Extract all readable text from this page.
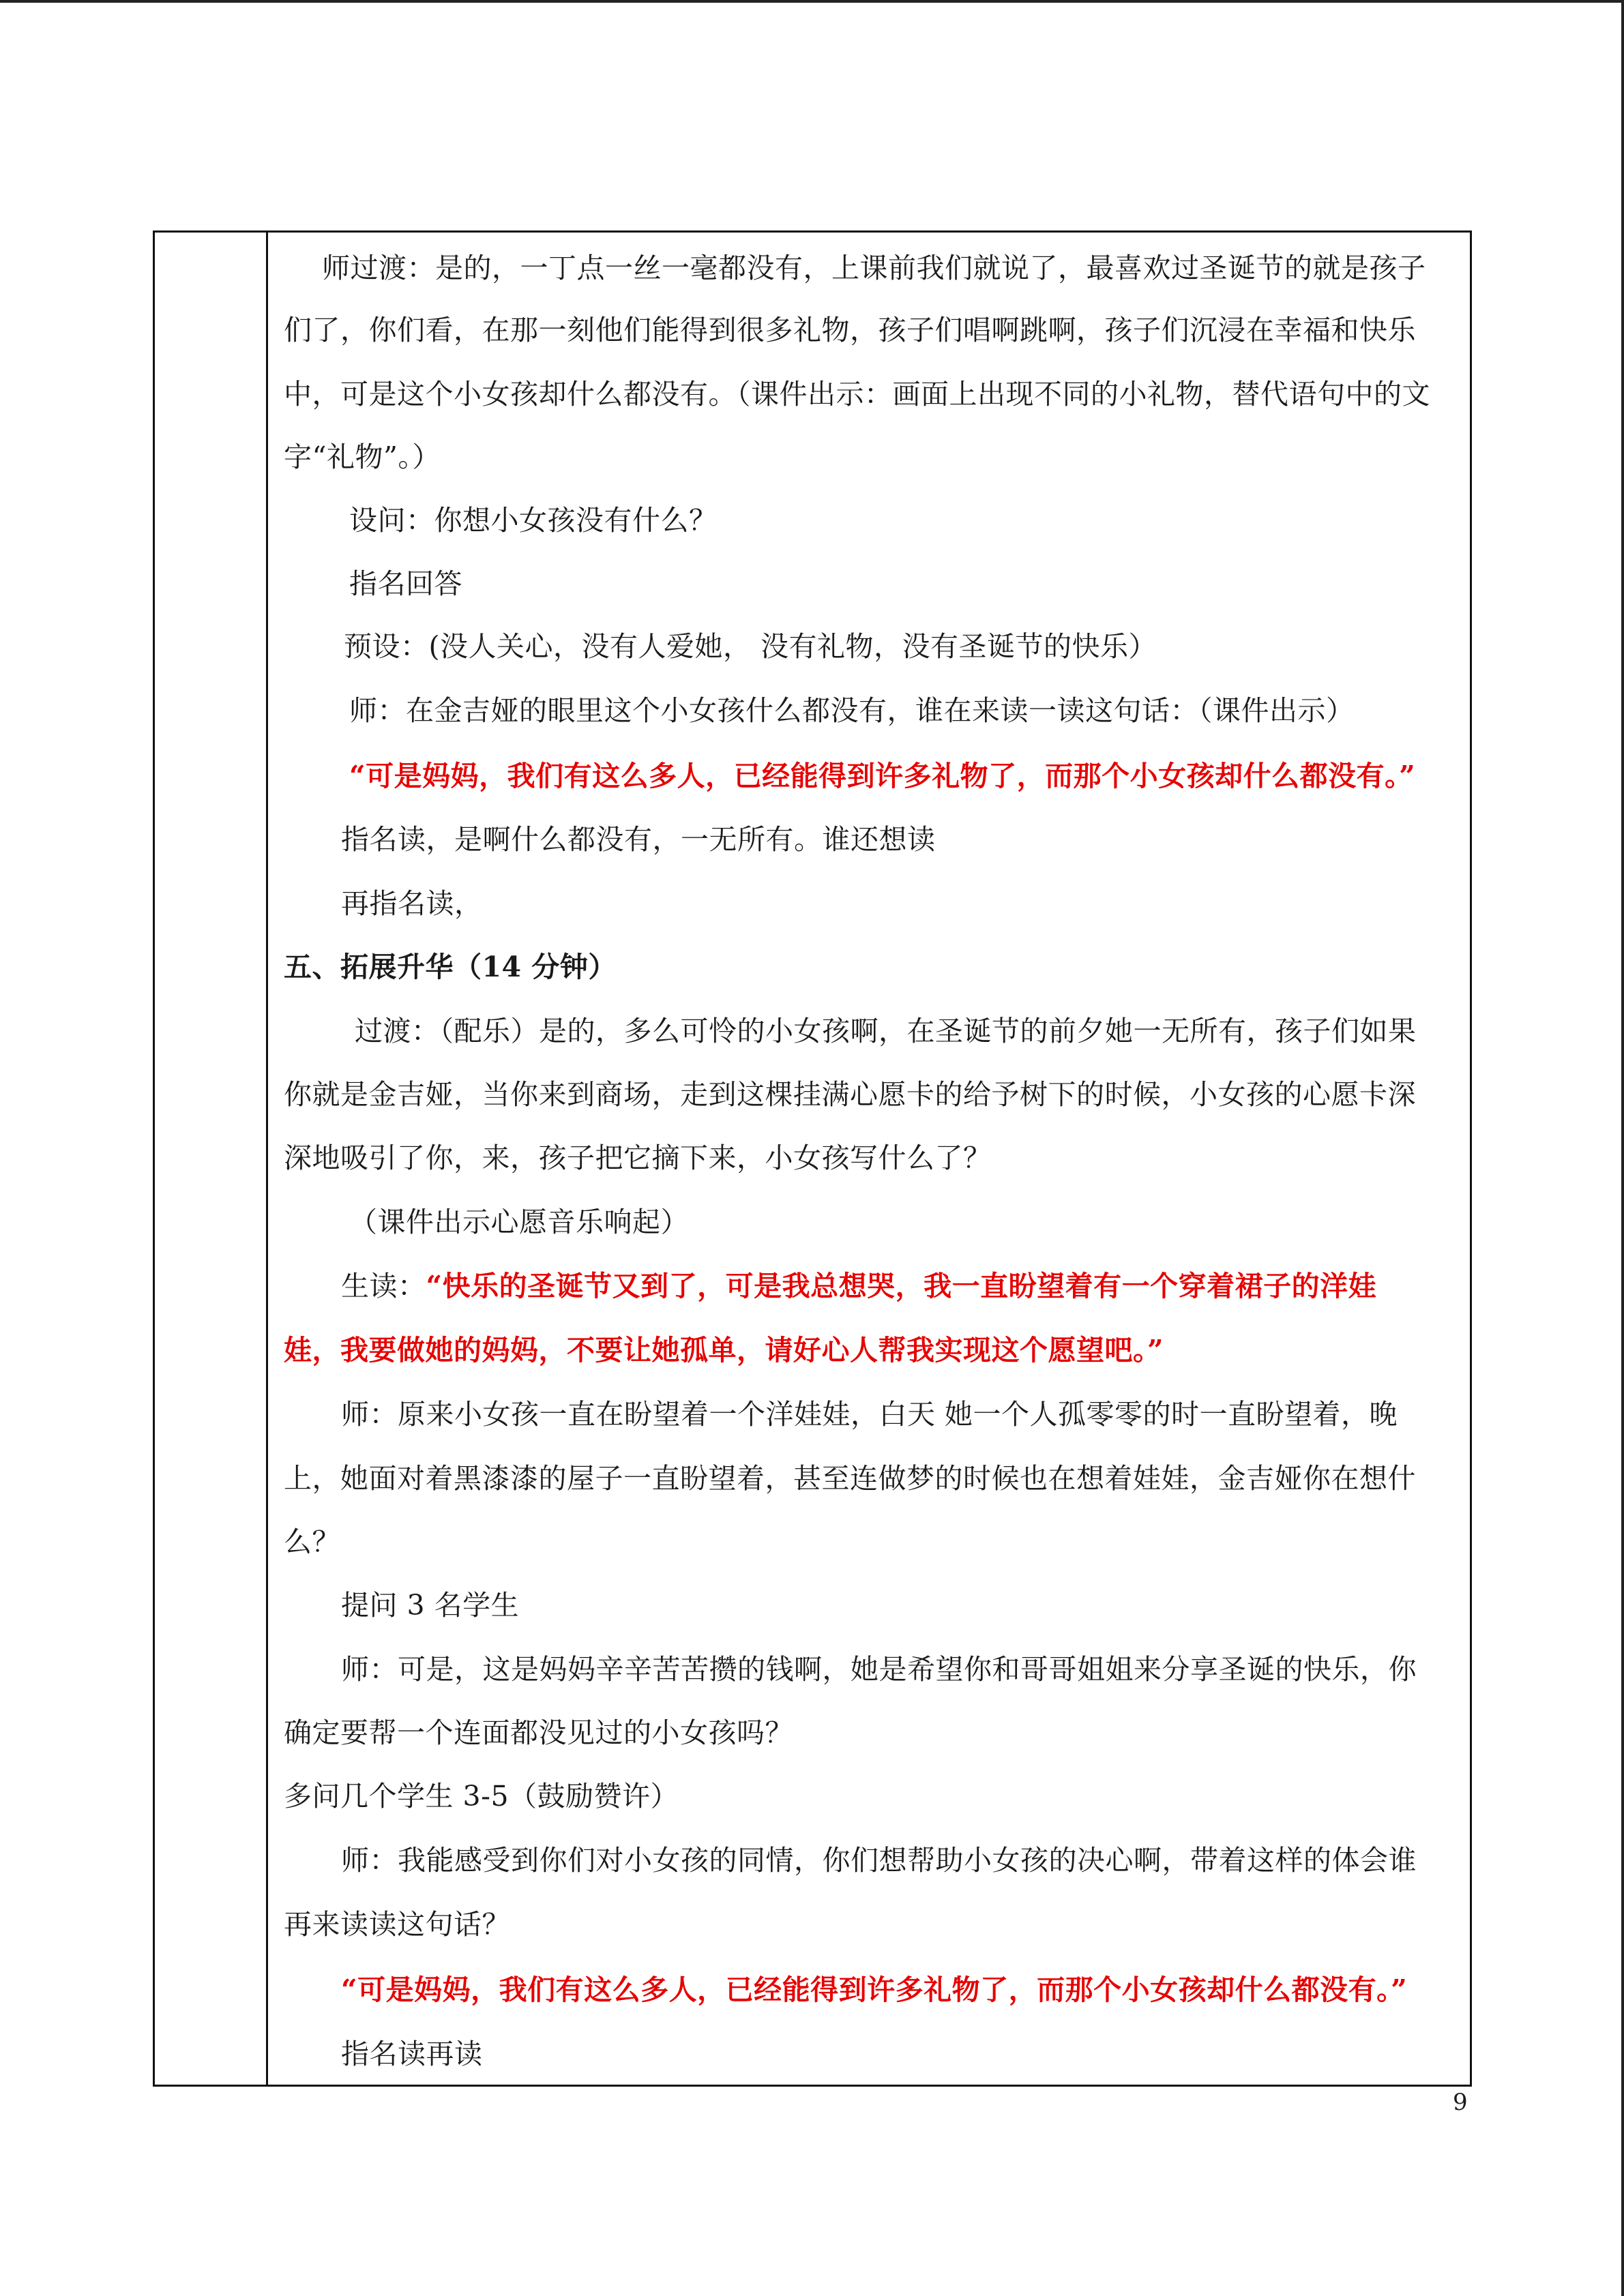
师过渡：是的，一丁点一丝一毫都没有，上课前我们就说了，最喜欢过圣诞节的就是孩子
们了，你们看，在那一刻他们能得到很多礼物，孩子们唱啊跳啊，孩子们沉浸在幸福和快乐
中，可是这个小女孩却什么都没有。（课件出示：画面上出现不同的小礼物，替代语句中的文
字“礼物”。）
设问：你想小女孩没有什么？
指名回答
预设：(没人关心，没有人爱她， 没有礼物，没有圣诞节的快乐）
师：在金吉娅的眼里这个小女孩什么都没有，谁在来读一读这句话：（课件出示）
“可是妈妈，我们有这么多人，已经能得到许多礼物了，而那个小女孩却什么都没有。”
指名读，是啊什么都没有，一无所有。谁还想读
再指名读，
五、拓展升华（14 分钟）
过渡：（配乐）是的，多么可怜的小女孩啊，在圣诞节的前夕她一无所有，孩子们如果
你就是金吉娅，当你来到商场，走到这棵挂满心愿卡的给予树下的时候，小女孩的心愿卡深
深地吸引了你，来，孩子把它摘下来，小女孩写什么了？
（课件出示心愿音乐响起）
生读：“快乐的圣诞节又到了，可是我总想哭，我一直盼望着有一个穿着裙子的洋娃
娃，我要做她的妈妈，不要让她孤单，请好心人帮我实现这个愿望吧。”
师：原来小女孩一直在盼望着一个洋娃娃，白天 她一个人孤零零的时一直盼望着，晚
上，她面对着黑漆漆的屋子一直盼望着，甚至连做梦的时候也在想着娃娃，金吉娅你在想什
么？
提问 3 名学生
师：可是，这是妈妈辛辛苦苦攒的钱啊，她是希望你和哥哥姐姐来分享圣诞的快乐，你
确定要帮一个连面都没见过的小女孩吗？
多问几个学生 3-5（鼓励赞许）
师：我能感受到你们对小女孩的同情，你们想帮助小女孩的决心啊，带着这样的体会谁
再来读读这句话？
“可是妈妈，我们有这么多人，已经能得到许多礼物了，而那个小女孩却什么都没有。”
指名读再读
9
